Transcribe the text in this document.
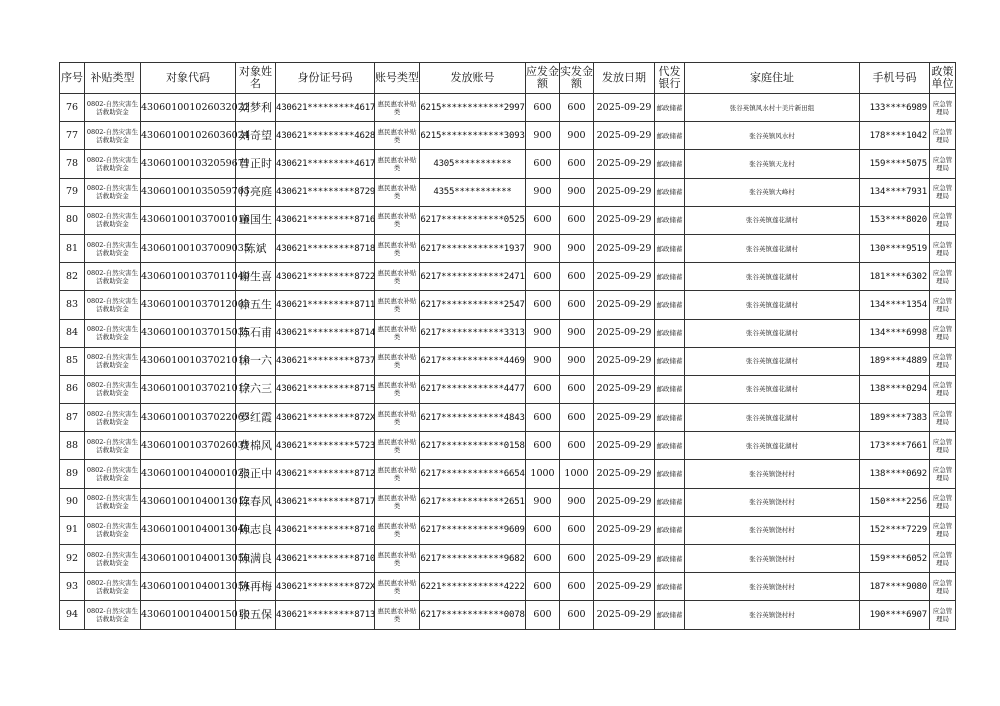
序号	补贴类型	对象代码	对象姓名	身份证号码	账号类型	发放账号	应发金额	实发金额	发放日期	代发银行	家庭住址	手机号码	政策单位
76	0802-自然灾害生活救助资金	430601001026032022	刘梦利	430621*********4617	惠民惠农补贴类	6215************2997	600	600	2025-09-29	邮政储蓄	张谷英镇风水村十美片新田组	133****6989	应急管理局
77	0802-自然灾害生活救助资金	430601001026036024	刘奇望	430621*********4628	惠民惠农补贴类	6215************3093	900	900	2025-09-29	邮政储蓄	张谷英镇风水村	178****1042	应急管理局
78	0802-自然灾害生活救助资金	430601001032059671	曾正时	430621*********4617	惠民惠农补贴类	4305***********	600	600	2025-09-29	邮政储蓄	张谷英镇天龙村	159****5075	应急管理局
79	0802-自然灾害生活救助资金	430601001035059705	付亮庭	430621*********8729	惠民惠农补贴类	4355***********	900	900	2025-09-29	邮政储蓄	张谷英镇大峰村	134****7931	应急管理局
80	0802-自然灾害生活救助资金	430601001037001016	童国生	430621*********8716	惠民惠农补贴类	6217************0525	600	600	2025-09-29	邮政储蓄	张谷英镇莲花湖村	153****8020	应急管理局
81	0802-自然灾害生活救助资金	430601001037009035	陈斌	430621*********8718	惠民惠农补贴类	6217************1937	900	900	2025-09-29	邮政储蓄	张谷英镇莲花湖村	130****9519	应急管理局
82	0802-自然灾害生活救助资金	430601001037011040	谢生喜	430621*********8722	惠民惠农补贴类	6217************2471	600	600	2025-09-29	邮政储蓄	张谷英镇莲花湖村	181****6302	应急管理局
83	0802-自然灾害生活救助资金	430601001037012005	徐五生	430621*********8711	惠民惠农补贴类	6217************2547	600	600	2025-09-29	邮政储蓄	张谷英镇莲花湖村	134****1354	应急管理局
84	0802-自然灾害生活救助资金	430601001037015035	陈石甫	430621*********8714	惠民惠农补贴类	6217************3313	900	900	2025-09-29	邮政储蓄	张谷英镇莲花湖村	134****6998	应急管理局
85	0802-自然灾害生活救助资金	430601001037021016	徐一六	430621*********8737	惠民惠农补贴类	6217************4469	900	900	2025-09-29	邮政储蓄	张谷英镇莲花湖村	189****4889	应急管理局
86	0802-自然灾害生活救助资金	430601001037021017	徐六三	430621*********8715	惠民惠农补贴类	6217************4477	600	600	2025-09-29	邮政储蓄	张谷英镇莲花湖村	138****0294	应急管理局
87	0802-自然灾害生活救助资金	430601001037022063	罗红霞	430621*********872X	惠民惠农补贴类	6217************4843	600	600	2025-09-29	邮政储蓄	张谷英镇莲花湖村	189****7383	应急管理局
88	0802-自然灾害生活救助资金	430601001037026031	费棉风	430621*********5723	惠民惠农补贴类	6217************0158	600	600	2025-09-29	邮政储蓄	张谷英镇莲花湖村	173****7661	应急管理局
89	0802-自然灾害生活救助资金	430601001040001023	张正中	430621*********8712	惠民惠农补贴类	6217************6654	1000	1000	2025-09-29	邮政储蓄	张谷英镇饶村村	138****0692	应急管理局
90	0802-自然灾害生活救助资金	430601001040013012	陈春风	430621*********8717	惠民惠农补贴类	6217************2651	900	900	2025-09-29	邮政储蓄	张谷英镇饶村村	150****2256	应急管理局
91	0802-自然灾害生活救助资金	430601001040013040	陈志良	430621*********8710	惠民惠农补贴类	6217************9609	600	600	2025-09-29	邮政储蓄	张谷英镇饶村村	152****7229	应急管理局
92	0802-自然灾害生活救助资金	430601001040013050	陈满良	430621*********8710	惠民惠农补贴类	6217************9682	600	600	2025-09-29	邮政储蓄	张谷英镇饶村村	159****6052	应急管理局
93	0802-自然灾害生活救助资金	430601001040013054	陈再梅	430621*********872X	惠民惠农补贴类	6221************4222	600	600	2025-09-29	邮政储蓄	张谷英镇饶村村	187****9080	应急管理局
94	0802-自然灾害生活救助资金	430601001040015010	张五保	430621*********8713	惠民惠农补贴类	6217************0078	600	600	2025-09-29	邮政储蓄	张谷英镇饶村村	190****6907	应急管理局
